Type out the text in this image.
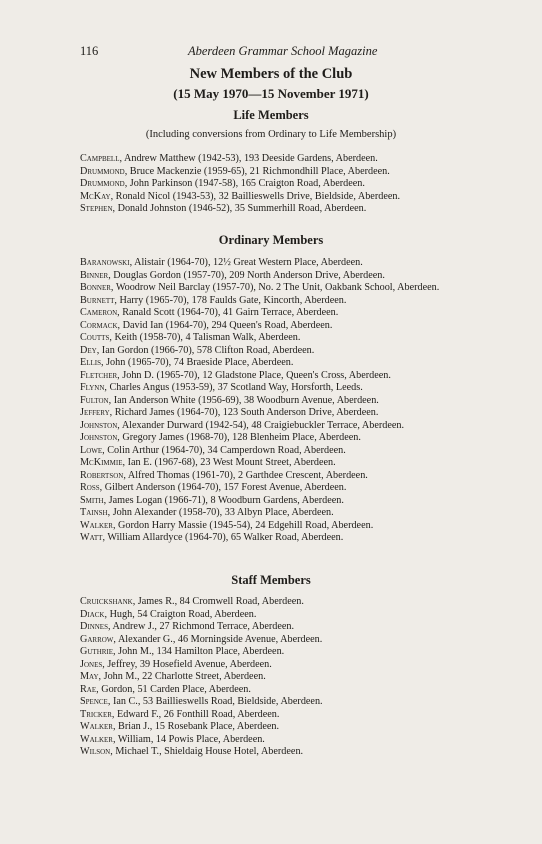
116	Aberdeen Grammar School Magazine
New Members of the Club
(15 May 1970—15 November 1971)
Life Members
(Including conversions from Ordinary to Life Membership)
Campbell, Andrew Matthew (1942-53), 193 Deeside Gardens, Aberdeen.
Drummond, Bruce Mackenzie (1959-65), 21 Richmondhill Place, Aberdeen.
Drummond, John Parkinson (1947-58), 165 Craigton Road, Aberdeen.
McKay, Ronald Nicol (1943-53), 32 Baillieswells Drive, Bieldside, Aberdeen.
Stephen, Donald Johnston (1946-52), 35 Summerhill Road, Aberdeen.
Ordinary Members
Baranowski, Alistair (1964-70), 12½ Great Western Place, Aberdeen.
Binner, Douglas Gordon (1957-70), 209 North Anderson Drive, Aberdeen.
Bonner, Woodrow Neil Barclay (1957-70), No. 2 The Unit, Oakbank School, Aberdeen.
Burnett, Harry (1965-70), 178 Faulds Gate, Kincorth, Aberdeen.
Cameron, Ranald Scott (1964-70), 41 Gairn Terrace, Aberdeen.
Cormack, David Ian (1964-70), 294 Queen's Road, Aberdeen.
Coutts, Keith (1958-70), 4 Talisman Walk, Aberdeen.
Dey, Ian Gordon (1966-70), 578 Clifton Road, Aberdeen.
Ellis, John (1965-70), 74 Braeside Place, Aberdeen.
Fletcher, John D. (1965-70), 12 Gladstone Place, Queen's Cross, Aberdeen.
Flynn, Charles Angus (1953-59), 37 Scotland Way, Horsforth, Leeds.
Fulton, Ian Anderson White (1956-69), 38 Woodburn Avenue, Aberdeen.
Jeffery, Richard James (1964-70), 123 South Anderson Drive, Aberdeen.
Johnston, Alexander Durward (1942-54), 48 Craigiebuckler Terrace, Aberdeen.
Johnston, Gregory James (1968-70), 128 Blenheim Place, Aberdeen.
Lowe, Colin Arthur (1964-70), 34 Camperdown Road, Aberdeen.
McKimmie, Ian E. (1967-68), 23 West Mount Street, Aberdeen.
Robertson, Alfred Thomas (1961-70), 2 Garthdee Crescent, Aberdeen.
Ross, Gilbert Anderson (1964-70), 157 Forest Avenue, Aberdeen.
Smith, James Logan (1966-71), 8 Woodburn Gardens, Aberdeen.
Tainsh, John Alexander (1958-70), 33 Albyn Place, Aberdeen.
Walker, Gordon Harry Massie (1945-54), 24 Edgehill Road, Aberdeen.
Watt, William Allardyce (1964-70), 65 Walker Road, Aberdeen.
Staff Members
Cruickshank, James R., 84 Cromwell Road, Aberdeen.
Diack, Hugh, 54 Craigton Road, Aberdeen.
Dinnes, Andrew J., 27 Richmond Terrace, Aberdeen.
Garrow, Alexander G., 46 Morningside Avenue, Aberdeen.
Guthrie, John M., 134 Hamilton Place, Aberdeen.
Jones, Jeffrey, 39 Hosefield Avenue, Aberdeen.
May, John M., 22 Charlotte Street, Aberdeen.
Rae, Gordon, 51 Carden Place, Aberdeen.
Spence, Ian C., 53 Baillieswells Road, Bieldside, Aberdeen.
Tricker, Edward F., 26 Fonthill Road, Aberdeen.
Walker, Brian J., 15 Rosebank Place, Aberdeen.
Walker, William, 14 Powis Place, Aberdeen.
Wilson, Michael T., Shieldaig House Hotel, Aberdeen.
